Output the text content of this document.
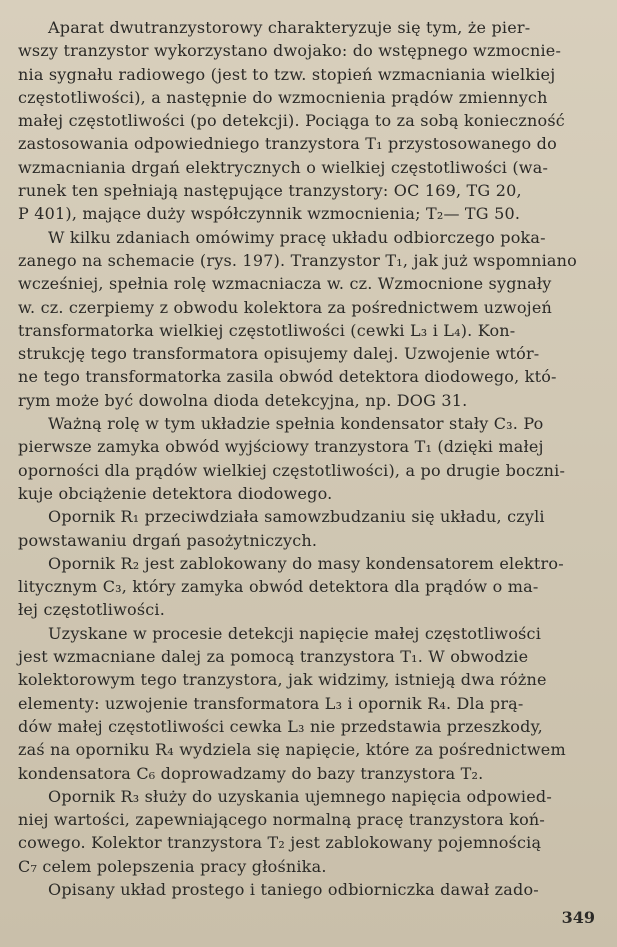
Aparat dwutranzystorowy charakteryzuje się tym, że pier-
wszy tranzystor wykorzystano dwojako: do wstępnego wzmocnie-
nia sygnału radiowego (jest to tzw. stopień wzmacniania wielkiej
częstotliwości), a następnie do wzmocnienia prądów zmiennych
małej częstotliwości (po detekcji). Pociąga to za sobą konieczność
zastosowania odpowiedniego tranzystora T₁ przystosowanego do
wzmacniania drgań elektrycznych o wielkiej częstotliwości (wa-
runek ten spełniają następujące tranzystory: OC 169, TG 20,
P 401), mające duży współczynnik wzmocnienia; T₂— TG 50.

W kilku zdaniach omówimy pracę układu odbiorczego poka-
zanego na schemacie (rys. 197). Tranzystor T₁, jak już wspomniano
wcześniej, spełnia rolę wzmacniacza w. cz. Wzmocnione sygnały
w. cz. czerpiemy z obwodu kolektora za pośrednictwem uzwojeń
transformatorka wielkiej częstotliwości (cewki L₃ i L₄). Kon-
strukcję tego transformatora opisujemy dalej. Uzwojenie wtór-
ne tego transformatorka zasila obwód detektora diodowego, któ-
rym może być dowolna dioda detekcyjna, np. DOG 31.

Ważną rolę w tym układzie spełnia kondensator stały C₃. Po
pierwsze zamyka obwód wyjściowy tranzystora T₁ (dzięki małej
oporności dla prądów wielkiej częstotliwości), a po drugie boczni-
kuje obciążenie detektora diodowego.

Opornik R₁ przeciwdziała samowzbudzaniu się układu, czyli
powstawaniu drgań pasożytniczych.

Opornik R₂ jest zablokowany do masy kondensatorem elektro-
litycznym C₃, który zamyka obwód detektora dla prądów o ma-
łej częstotliwości.

Uzyskane w procesie detekcji napięcie małej częstotliwości
jest wzmacniane dalej za pomocą tranzystora T₁. W obwodzie
kolektorowym tego tranzystora, jak widzimy, istnieją dwa różne
elementy: uzwojenie transformatora L₃ i opornik R₄. Dla prą-
dów małej częstotliwości cewka L₃ nie przedstawia przeszkody,
zaś na oporniku R₄ wydziela się napięcie, które za pośrednictwem
kondensatora C₆ doprowadzamy do bazy tranzystora T₂.

Opornik R₃ służy do uzyskania ujemnego napięcia odpowied-
niej wartości, zapewniającego normalną pracę tranzystora koń-
cowego. Kolektor tranzystora T₂ jest zablokowany pojemnością
C₇ celem polepszenia pracy głośnika.

Opisany układ prostego i taniego odbiorniczka dawał zado-

349
